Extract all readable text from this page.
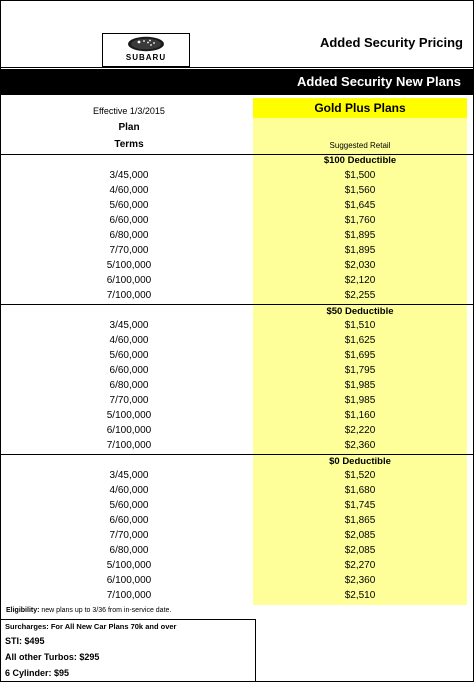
SUBARU
Added Security Pricing
Added Security New Plans
Effective 1/3/2015
Plan
Terms
Gold Plus Plans
Suggested Retail
$100 Deductible
3/45,000	$1,500
4/60,000	$1,560
5/60,000	$1,645
6/60,000	$1,760
6/80,000	$1,895
7/70,000	$1,895
5/100,000	$2,030
6/100,000	$2,120
7/100,000	$2,255
$50 Deductible
3/45,000	$1,510
4/60,000	$1,625
5/60,000	$1,695
6/60,000	$1,795
6/80,000	$1,985
7/70,000	$1,985
5/100,000	$1,160
6/100,000	$2,220
7/100,000	$2,360
$0 Deductible
3/45,000	$1,520
4/60,000	$1,680
5/60,000	$1,745
6/60,000	$1,865
7/70,000	$2,085
6/80,000	$2,085
5/100,000	$2,270
6/100,000	$2,360
7/100,000	$2,510
Eligibility: new plans up to 3/36 from in-service date.
Surcharges: For All New Car Plans 70k and over
STI: $495
All other Turbos: $295
6 Cylinder: $95
